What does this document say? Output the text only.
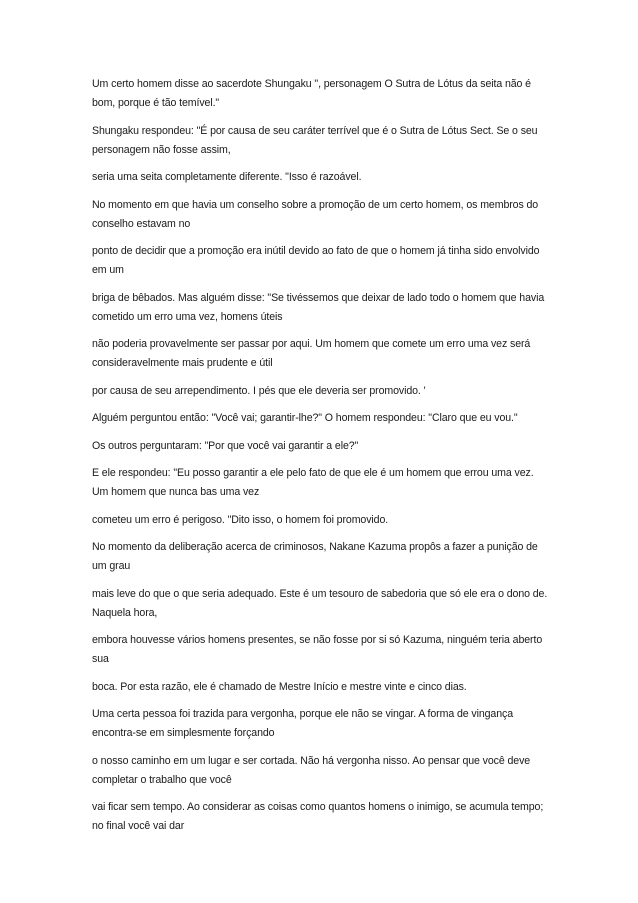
Um certo homem disse ao sacerdote Shungaku ", personagem O Sutra de Lótus da seita não é bom, porque é tão temível."

Shungaku respondeu: "É por causa de seu caráter terrível que é o Sutra de Lótus Sect. Se o seu personagem não fosse assim,

seria uma seita completamente diferente. "Isso é razoável.

No momento em que havia um conselho sobre a promoção de um certo homem, os membros do conselho estavam no

ponto de decidir que a promoção era inútil devido ao fato de que o homem já tinha sido envolvido em um

briga de bêbados. Mas alguém disse: "Se tivéssemos que deixar de lado todo o homem que havia cometido um erro uma vez, homens úteis

não poderia provavelmente ser passar por aqui. Um homem que comete um erro uma vez será consideravelmente mais prudente e útil

por causa de seu arrependimento. I pés que ele deveria ser promovido. '

Alguém perguntou então: "Você vai; garantir-lhe?" O homem respondeu: "Claro que eu vou."

Os outros perguntaram: "Por que você vai garantir a ele?"

E ele respondeu: "Eu posso garantir a ele pelo fato de que ele é um homem que errou uma vez. Um homem que nunca bas uma vez

cometeu um erro é perigoso. "Dito isso, o homem foi promovido.

No momento da deliberação acerca de criminosos, Nakane Kazuma propôs a fazer a punição de um grau

mais leve do que o que seria adequado. Este é um tesouro de sabedoria que só ele era o dono de. Naquela hora,

embora houvesse vários homens presentes, se não fosse por si só Kazuma, ninguém teria aberto sua

boca. Por esta razão, ele é chamado de Mestre Início e mestre vinte e cinco dias.

Uma certa pessoa foi trazida para vergonha, porque ele não se vingar. A forma de vingança encontra-se em simplesmente forçando

o nosso caminho em um lugar e ser cortada. Não há vergonha nisso. Ao pensar que você deve completar o trabalho que você

vai ficar sem tempo. Ao considerar as coisas como quantos homens o inimigo, se acumula tempo; no final você vai dar
